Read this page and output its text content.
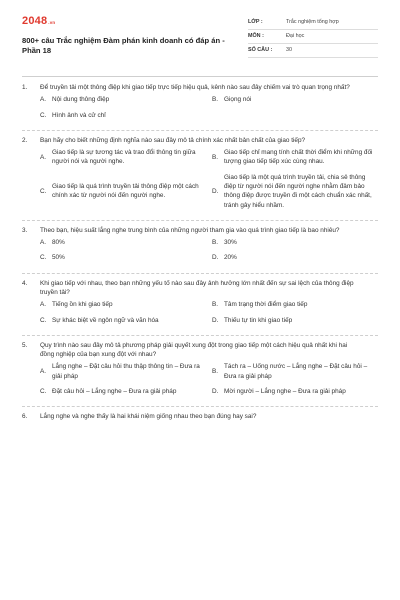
2048 .vn
800+ câu Trắc nghiệm Đàm phán kinh doanh có đáp án - Phần 18
LỚP :	Trắc nghiệm tổng hợp
MÔN :	Đại học
SỐ CÂU :	30
1.	Để truyền tải một thông điệp khi giao tiếp trực tiếp hiệu quả, kênh nào sau đây chiếm vai trò quan trọng nhất?
A. Nội dung thông điệp	B. Giọng nói
C. Hình ảnh và cử chỉ
2.	Bạn hãy cho biết những định nghĩa nào sau đây mô tả chính xác nhất bản chất của giao tiếp?
A.
Giao tiếp là sự tương tác và trao đổi thông tin giữa người nói và người nghe.
B.
Giao tiếp chỉ mang tính chất thời điểm khi những đối tượng giao tiếp tiếp xúc cùng nhau.
C.
Giao tiếp là quá trình truyền tải thông điệp một cách chính xác từ người nói đến người nghe.
D.
Giao tiếp là một quá trình truyền tải, chia sẻ thông điệp từ người nói đến người nghe nhằm đảm bảo thông điệp được truyền đi một cách chuẩn xác nhất, tránh gây hiểu nhầm.
3.	Theo bạn, hiệu suất lắng nghe trung bình của những người tham gia vào quá trình giao tiếp là bao nhiêu?
A. 80%	B. 30%
C. 50%	D. 20%
4.	Khi giao tiếp với nhau, theo bạn những yếu tố nào sau đây ảnh hưởng lớn nhất đến sự sai lệch của thông điệp truyền tải?
A. Tiếng ồn khi giao tiếp	B. Tâm trạng thời điểm giao tiếp
C. Sự khác biệt về ngôn ngữ và văn hóa	D. Thiếu tự tin khi giao tiếp
5.	Quy trình nào sau đây mô tả phương pháp giải quyết xung đột trong giao tiếp một cách hiệu quả nhất khi hai đồng nghiệp của bạn xung đột với nhau?
A.
Lắng nghe – Đặt câu hỏi thu thập thông tin – Đưa ra giải pháp
B.
Tách ra – Uống nước – Lắng nghe – Đặt câu hỏi – Đưa ra giải pháp
C. Đặt câu hỏi – Lắng nghe – Đưa ra giải pháp	D. Mời người – Lắng nghe – Đưa ra giải pháp
6.	Lắng nghe và nghe thấy là hai khái niệm giống nhau theo bạn đúng hay sai?
